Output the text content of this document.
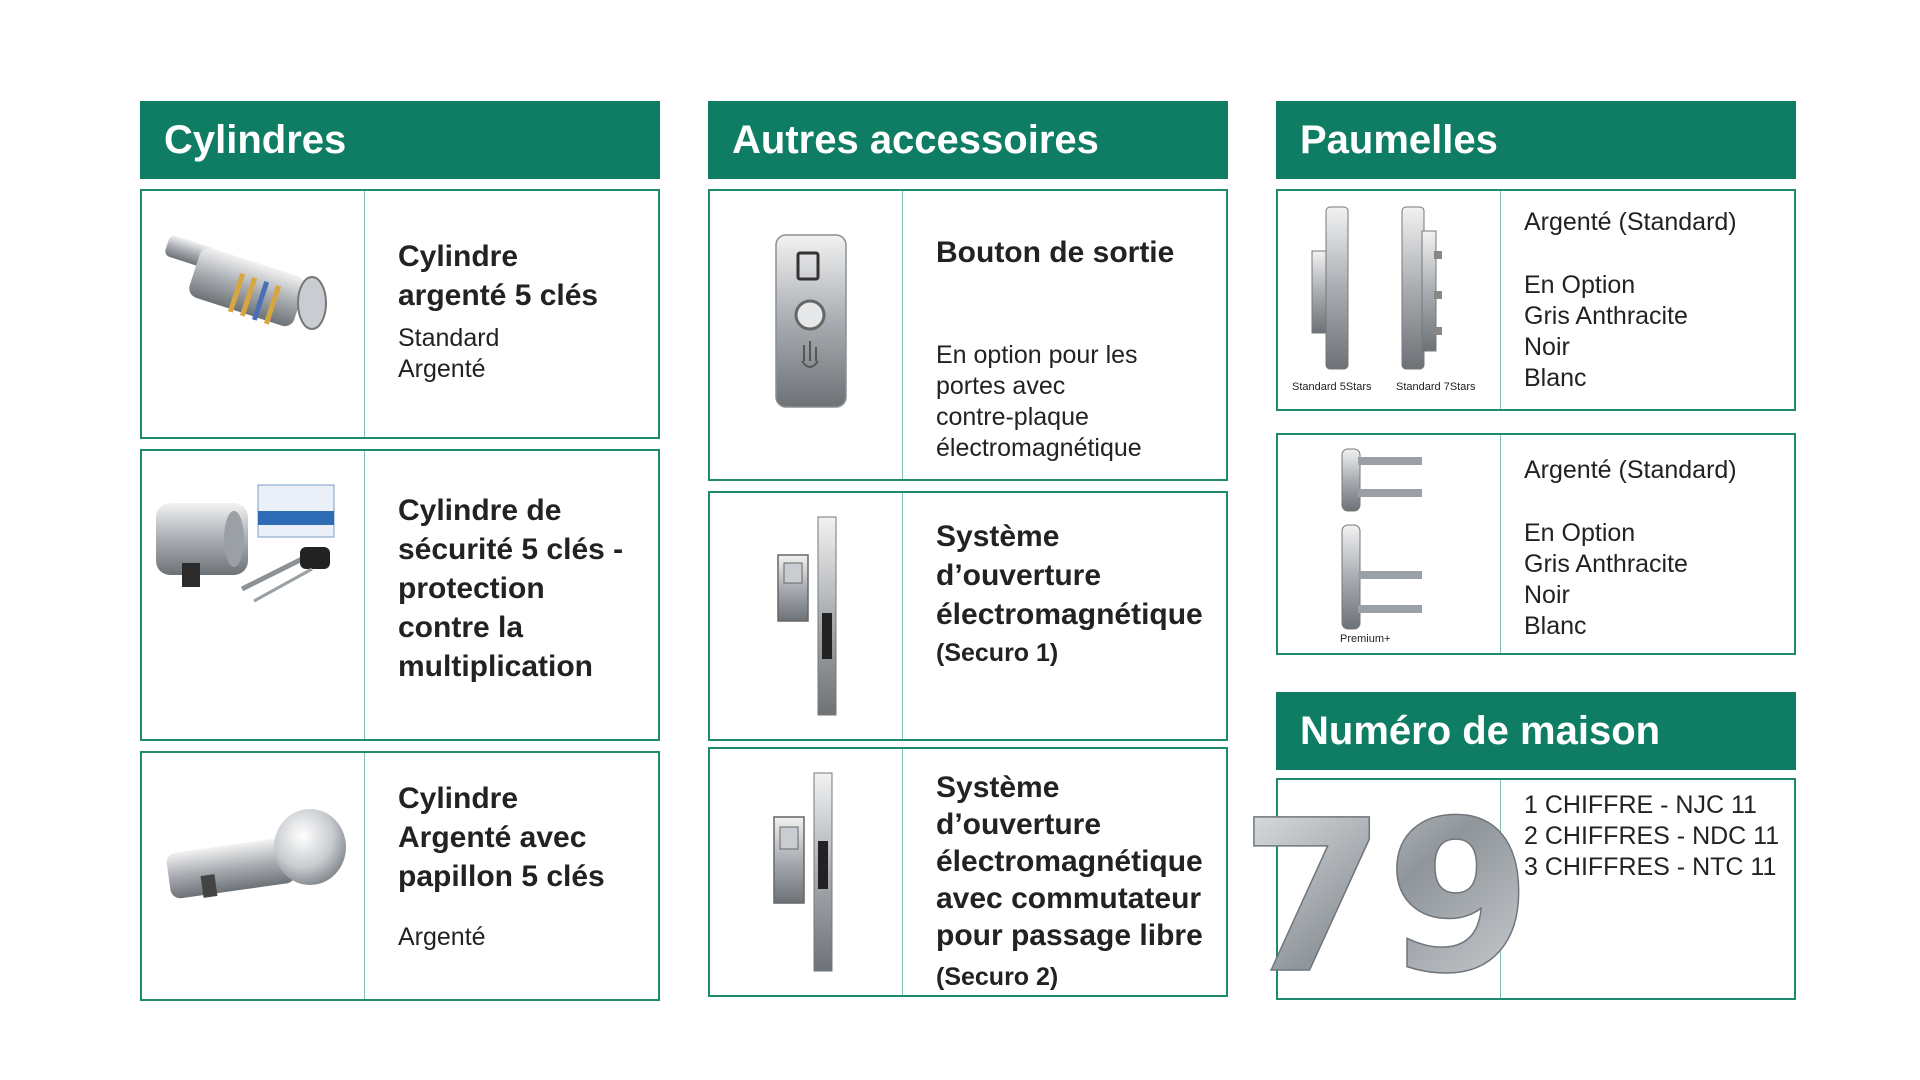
Cylindres
Cylindre
argenté 5 clés
Standard
Argenté
Cylindre de
sécurité 5 clés -
protection
contre la
multiplication
Cylindre
Argenté avec
papillon 5 clés
Argenté
Autres accessoires
Bouton de sortie
En option pour les
portes avec
contre-plaque
électromagnétique
Système
d’ouverture
électromagnétique
(Securo 1)
Système d’ouverture
électromagnétique
avec commutateur
pour passage libre
(Securo 2)
Paumelles
Standard 5Stars Standard 7Stars
Argenté (Standard)
En Option
Gris Anthracite
Noir
Blanc
Premium+
Argenté (Standard)
En Option
Gris Anthracite
Noir
Blanc
Numéro de maison
79
1 CHIFFRE - NJC 11
2 CHIFFRES - NDC 11
3 CHIFFRES - NTC 11
